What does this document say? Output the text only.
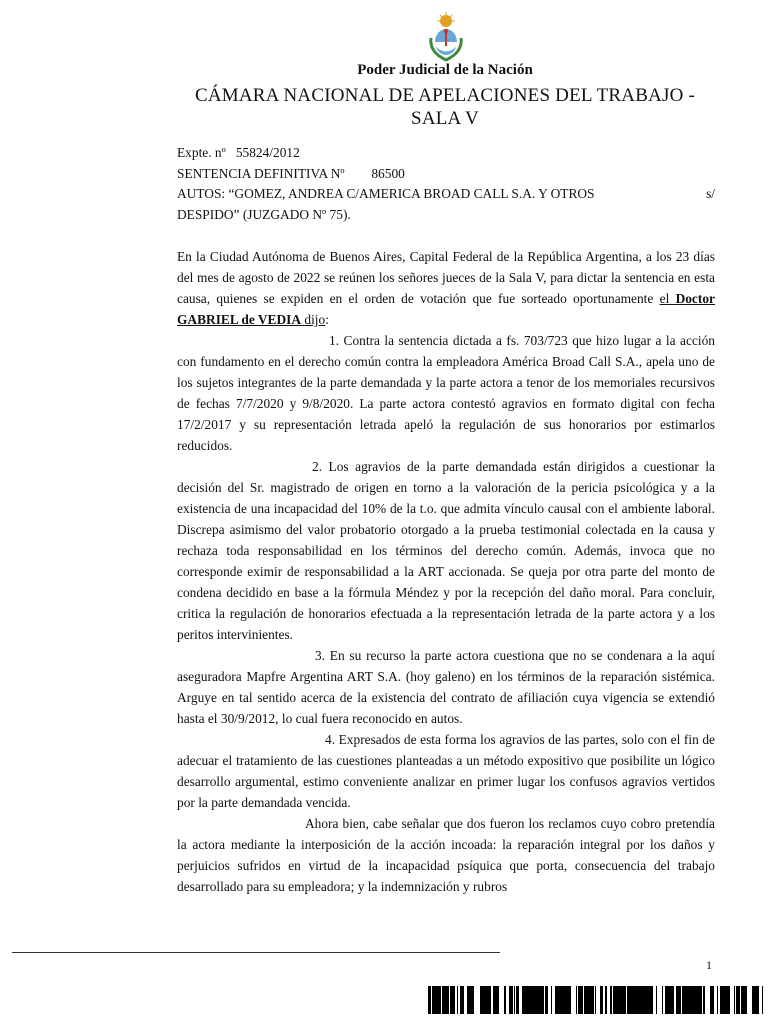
Poder Judicial de la Nación
CÁMARA NACIONAL DE APELACIONES DEL TRABAJO -
SALA V
Expte. nº 55824/2012
SENTENCIA DEFINITIVA Nº 86500
AUTOS: “GOMEZ, ANDREA C/AMERICA BROAD CALL S.A. Y OTROS	s/
DESPIDO” (JUZGADO Nº 75).

En la Ciudad Autónoma de Buenos Aires, Capital Federal de la República Argentina, a los 23 días del mes de agosto de 2022 se reúnen los señores jueces de la Sala V, para dictar la sentencia en esta causa, quienes se expiden en el orden de votación que fue sorteado oportunamente el Doctor GABRIEL de VEDIA dijo:

1. Contra la sentencia dictada a fs. 703/723 que hizo lugar a la acción con fundamento en el derecho común contra la empleadora América Broad Call S.A., apela uno de los sujetos integrantes de la parte demandada y la parte actora a tenor de los memoriales recursivos de fechas 7/7/2020 y 9/8/2020. La parte actora contestó agravios en formato digital con fecha 17/2/2017 y su representación letrada apeló la regulación de sus honorarios por estimarlos reducidos.

2. Los agravios de la parte demandada están dirigidos a cuestionar la decisión del Sr. magistrado de origen en torno a la valoración de la pericia psicológica y a la existencia de una incapacidad del 10% de la t.o. que admita vínculo causal con el ambiente laboral. Discrepa asimismo del valor probatorio otorgado a la prueba testimonial colectada en la causa y rechaza toda responsabilidad en los términos del derecho común. Además, invoca que no corresponde eximir de responsabilidad a la ART accionada. Se queja por otra parte del monto de condena decidido en base a la fórmula Méndez y por la recepción del daño moral. Para concluir, critica la regulación de honorarios efectuada a la representación letrada de la parte actora y a los peritos intervinientes.

3. En su recurso la parte actora cuestiona que no se condenara a la aquí aseguradora Mapfre Argentina ART S.A. (hoy galeno) en los términos de la reparación sistémica. Arguye en tal sentido acerca de la existencia del contrato de afiliación cuya vigencia se extendió hasta el 30/9/2012, lo cual fuera reconocido en autos.

4. Expresados de esta forma los agravios de las partes, solo con el fin de adecuar el tratamiento de las cuestiones planteadas a un método expositivo que posibilite un lógico desarrollo argumental, estimo conveniente analizar en primer lugar los confusos agravios vertidos por la parte demandada vencida.

Ahora bien, cabe señalar que dos fueron los reclamos cuyo cobro pretendía la actora mediante la interposición de la acción incoada: la reparación integral por los daños y perjuicios sufridos en virtud de la incapacidad psíquica que porta, consecuencia del trabajo desarrollado para su empleadora; y la indemnización y rubros

1
